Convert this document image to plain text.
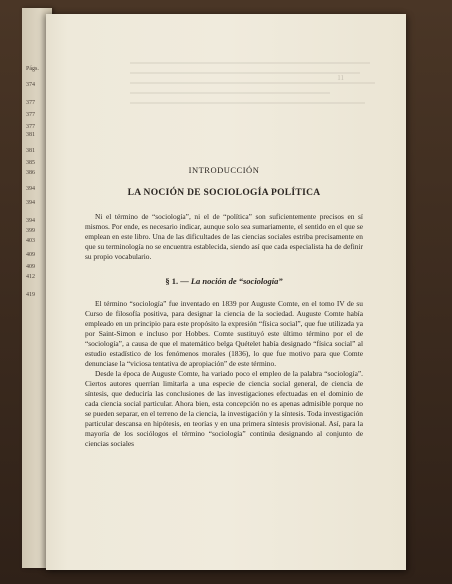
Págs.
374
377
377
377
381
381
385
386
394
394
394
399
403
409
409
412
419
11

INTRODUCCIÓN

LA NOCIÓN DE SOCIOLOGÍA POLÍTICA

Ni el término de “sociología”, ni el de “política” son suficientemente precisos en sí mismos. Por ende, es necesario indicar, aunque solo sea sumariamente, el sentido en el que se emplean en este libro. Una de las dificultades de las ciencias sociales estriba precisamente en que su terminología no se encuentra establecida, siendo así que cada especialista ha de definir su propio vocabulario.

§ 1. — La noción de “sociología”

El término “sociología” fue inventado en 1839 por Auguste Comte, en el tomo IV de su Curso de filosofía positiva, para designar la ciencia de la sociedad. Auguste Comte había empleado en un principio para este propósito la expresión “física social”, que fue utilizada ya por Saint-Simon e incluso por Hobbes. Comte sustituyó este último término por el de “sociología”, a causa de que el matemático belga Quételet había designado “física social” al estudio estadístico de los fenómenos morales (1836), lo que fue motivo para que Comte denunciase la “viciosa tentativa de apropiación” de este término.

Desde la época de Auguste Comte, ha variado poco el empleo de la palabra “sociología”. Ciertos autores querrían limitarla a una especie de ciencia social general, de ciencia de síntesis, que deduciría las conclusiones de las investigaciones efectuadas en el dominio de cada ciencia social particular. Ahora bien, esta concepción no es apenas admisible porque no se pueden separar, en el terreno de la ciencia, la investigación y la síntesis. Toda investigación particular descansa en hipótesis, en teorías y en una primera síntesis provisional. Así, para la mayoría de los sociólogos el término “sociología” continúa designando al conjunto de ciencias sociales
